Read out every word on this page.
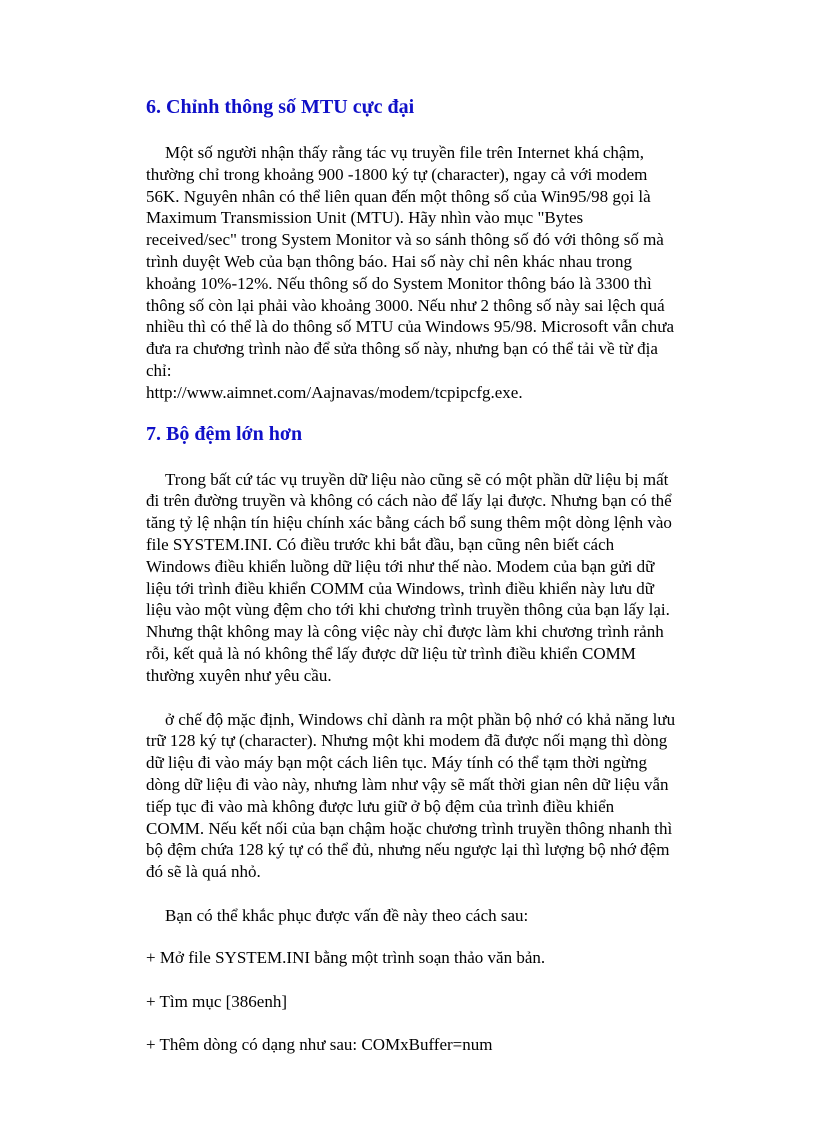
6. Chỉnh thông số MTU cực đại

Một số người nhận thấy rằng tác vụ truyền file trên Internet khá chậm, thường chỉ trong khoảng 900 -1800 ký tự (character), ngay cả với modem 56K. Nguyên nhân có thể liên quan đến một thông số của Win95/98 gọi là Maximum Transmission Unit (MTU). Hãy nhìn vào mục "Bytes received/sec" trong System Monitor và so sánh thông số đó với thông số mà trình duyệt Web của bạn thông báo. Hai số này chỉ nên khác nhau trong khoảng 10%-12%. Nếu thông số do System Monitor thông báo là 3300 thì thông số còn lại phải vào khoảng 3000. Nếu như 2 thông số này sai lệch quá nhiều thì có thể là do thông số MTU của Windows 95/98. Microsoft vẫn chưa đưa ra chương trình nào để sửa thông số này, nhưng bạn có thể tải về từ địa chỉ:

http://www.aimnet.com/Aajnavas/modem/tcpipcfg.exe.

7. Bộ đệm lớn hơn

Trong bất cứ tác vụ truyền dữ liệu nào cũng sẽ có một phần dữ liệu bị mất đi trên đường truyền và không có cách nào để lấy lại được. Nhưng bạn có thể tăng tỷ lệ nhận tín hiệu chính xác bằng cách bổ sung thêm một dòng lệnh vào file SYSTEM.INI. Có điều trước khi bắt đầu, bạn cũng nên biết cách Windows điều khiển luồng dữ liệu tới như thế nào. Modem của bạn gửi dữ liệu tới trình điều khiển COMM của Windows, trình điều khiển này lưu dữ liệu vào một vùng đệm cho tới khi chương trình truyền thông của bạn lấy lại. Nhưng thật không may là công việc này chỉ được làm khi chương trình rảnh rỗi, kết quả là nó không thể lấy được dữ liệu từ trình điều khiển COMM thường xuyên như yêu cầu.

ở chế độ mặc định, Windows chỉ dành ra một phần bộ nhớ có khả năng lưu trữ 128 ký tự (character). Nhưng một khi modem đã được nối mạng thì dòng dữ liệu đi vào máy bạn một cách liên tục. Máy tính có thể tạm thời ngừng dòng dữ liệu đi vào này, nhưng làm như vậy sẽ mất thời gian nên dữ liệu vẫn tiếp tục đi vào mà không được lưu giữ ở bộ đệm của trình điều khiển COMM. Nếu kết nối của bạn chậm hoặc chương trình truyền thông nhanh thì bộ đệm chứa 128 ký tự có thể đủ, nhưng nếu ngược lại thì lượng bộ nhớ đệm đó sẽ là quá nhỏ.

Bạn có thể khắc phục được vấn đề này theo cách sau:

+ Mở file SYSTEM.INI bằng một trình soạn thảo văn bản.

+ Tìm mục [386enh]

+ Thêm dòng có dạng như sau: COMxBuffer=num
